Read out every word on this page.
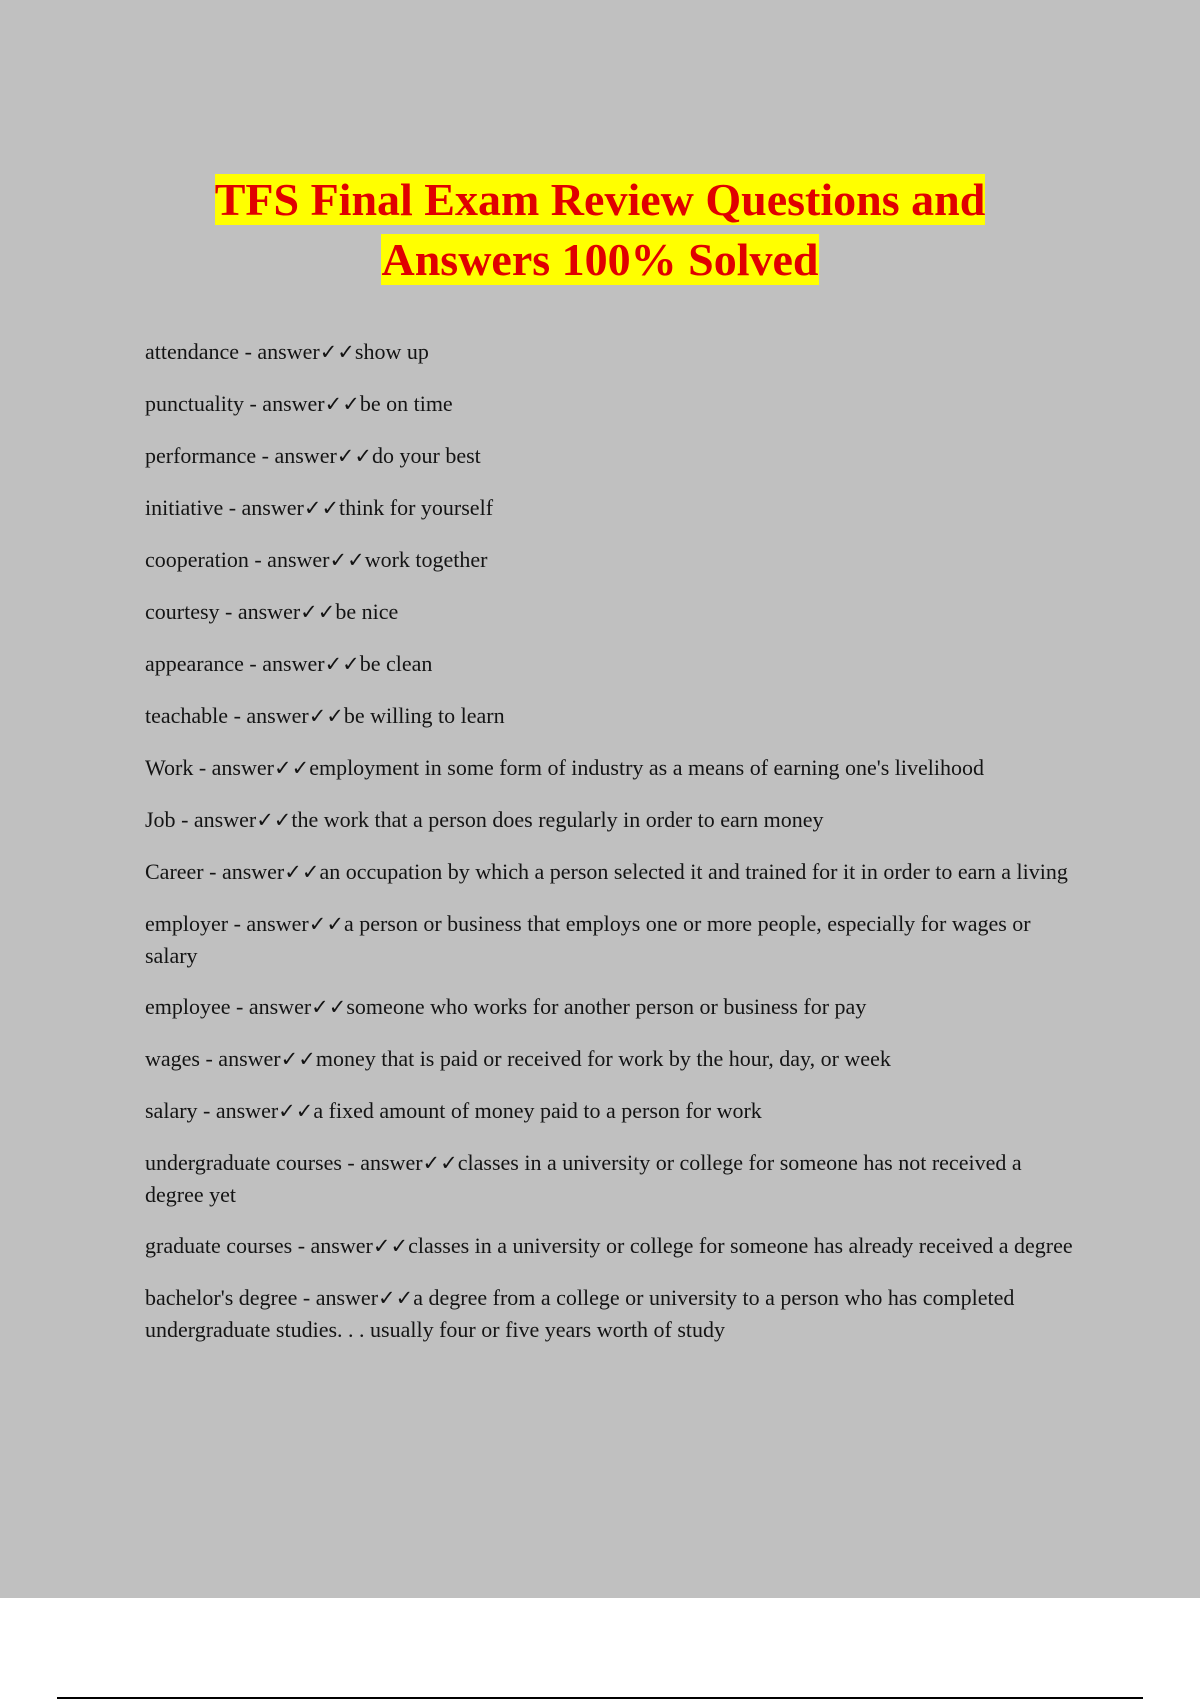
TFS Final Exam Review Questions and
Answers 100% Solved
attendance - answer✓✓show up
punctuality - answer✓✓be on time
performance - answer✓✓do your best
initiative - answer✓✓think for yourself
cooperation - answer✓✓work together
courtesy - answer✓✓be nice
appearance - answer✓✓be clean
teachable - answer✓✓be willing to learn
Work - answer✓✓employment in some form of industry as a means of earning one's livelihood
Job - answer✓✓the work that a person does regularly in order to earn money
Career - answer✓✓an occupation by which a person selected it and trained for it in order to earn a living
employer - answer✓✓a person or business that employs one or more people, especially for wages or salary
employee - answer✓✓someone who works for another person or business for pay
wages - answer✓✓money that is paid or received for work by the hour, day, or week
salary - answer✓✓a fixed amount of money paid to a person for work
undergraduate courses - answer✓✓classes in a university or college for someone has not received a degree yet
graduate courses - answer✓✓classes in a university or college for someone has already received a degree
bachelor's degree - answer✓✓a degree from a college or university to a person who has completed undergraduate studies. . . usually four or five years worth of study
